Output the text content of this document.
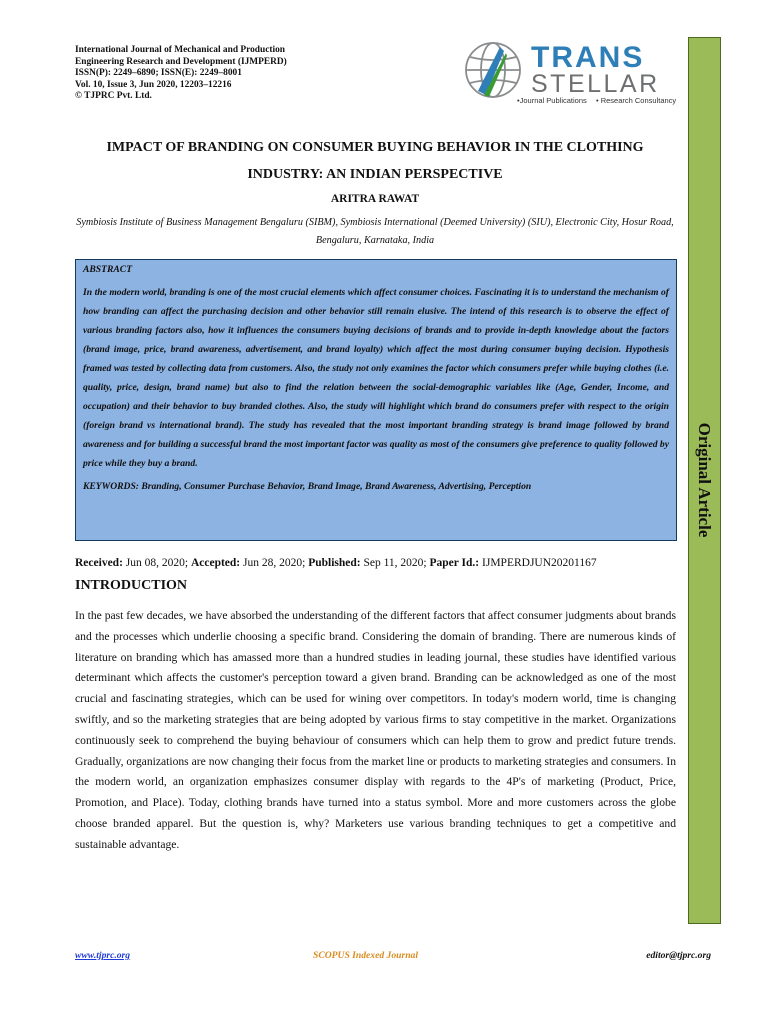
International Journal of Mechanical and Production
Engineering Research and Development (IJMPERD)
ISSN(P): 2249–6890; ISSN(E): 2249–8001
Vol. 10, Issue 3, Jun 2020, 12203–12216
© TJPRC Pvt. Ltd.
TRANS
STELLAR
•Journal Publications • Research Consultancy
Original Article
IMPACT OF BRANDING ON CONSUMER BUYING BEHAVIOR IN THE CLOTHING
INDUSTRY: AN INDIAN PERSPECTIVE
ARITRA RAWAT
Symbiosis Institute of Business Management Bengaluru (SIBM), Symbiosis International (Deemed University) (SIU), Electronic City, Hosur Road, Bengaluru, Karnataka, India
ABSTRACT

In the modern world, branding is one of the most crucial elements which affect consumer choices. Fascinating it is to understand the mechanism of how branding can affect the purchasing decision and other behavior still remain elusive. The intend of this research is to observe the effect of various branding factors also, how it influences the consumers buying decisions of brands and to provide in-depth knowledge about the factors (brand image, price, brand awareness, advertisement, and brand loyalty) which affect the most during consumer buying decision. Hypothesis framed was tested by collecting data from customers. Also, the study not only examines the factor which consumers prefer while buying clothes (i.e. quality, price, design, brand name) but also to find the relation between the social-demographic variables like (Age, Gender, Income, and occupation) and their behavior to buy branded clothes. Also, the study will highlight which brand do consumers prefer with respect to the origin (foreign brand vs international brand). The study has revealed that the most important branding strategy is brand image followed by brand awareness and for building a successful brand the most important factor was quality as most of the consumers give preference to quality followed by price while they buy a brand.

KEYWORDS: Branding, Consumer Purchase Behavior, Brand Image, Brand Awareness, Advertising, Perception
Received: Jun 08, 2020; Accepted: Jun 28, 2020; Published: Sep 11, 2020; Paper Id.: IJMPERDJUN20201167
INTRODUCTION

In the past few decades, we have absorbed the understanding of the different factors that affect consumer judgments about brands and the processes which underlie choosing a specific brand. Considering the domain of branding. There are numerous kinds of literature on branding which has amassed more than a hundred studies in leading journal, these studies have identified various determinant which affects the customer's perception toward a given brand. Branding can be acknowledged as one of the most crucial and fascinating strategies, which can be used for wining over competitors. In today's modern world, time is changing swiftly, and so the marketing strategies that are being adopted by various firms to stay competitive in the market. Organizations continuously seek to comprehend the buying behaviour of consumers which can help them to grow and predict future trends. Gradually, organizations are now changing their focus from the market line or products to marketing strategies and consumers. In the modern world, an organization emphasizes consumer display with regards to the 4P's of marketing (Product, Price, Promotion, and Place). Today, clothing brands have turned into a status symbol. More and more customers across the globe choose branded apparel. But the question is, why? Marketers use various branding techniques to get a competitive and sustainable advantage.

www.tjprc.org	SCOPUS Indexed Journal	editor@tjprc.org
